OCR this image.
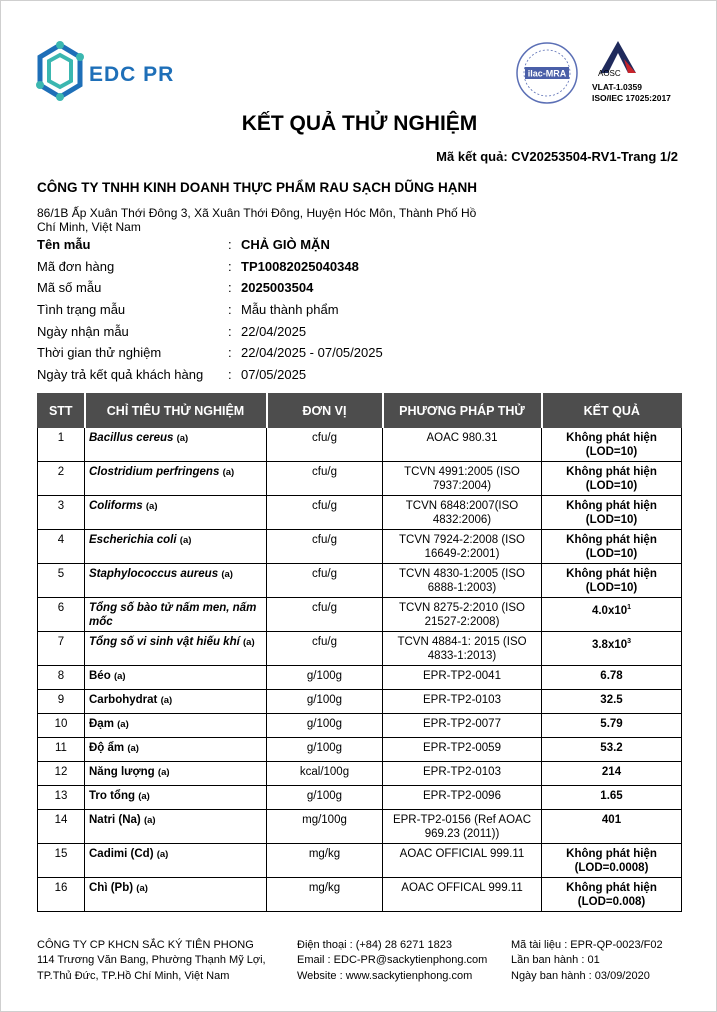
EDC PR	ilac-MRA	AOSC
VLAT-1.0359
ISO/IEC 17025:2017
KẾT QUẢ THỬ NGHIỆM
Mã kết quả: CV20253504-RV1-Trang 1/2
CÔNG TY TNHH KINH DOANH THỰC PHẨM RAU SẠCH DŨNG HẠNH
86/1B Ấp Xuân Thới Đông 3, Xã Xuân Thới Đông, Huyện Hóc Môn, Thành Phố Hồ Chí Minh, Việt Nam
Tên mẫu	: CHẢ GIÒ MẶN
Mã đơn hàng	: TP10082025040348
Mã số mẫu	: 2025003504
Tình trạng mẫu	: Mẫu thành phẩm
Ngày nhận mẫu	: 22/04/2025
Thời gian thử nghiệm	: 22/04/2025 - 07/05/2025
Ngày trả kết quả khách hàng : 07/05/2025
STT	CHỈ TIÊU THỬ NGHIỆM	ĐƠN VỊ	PHƯƠNG PHÁP THỬ	KẾT QUẢ
1	Bacillus cereus (a)	cfu/g	AOAC 980.31	Không phát hiện (LOD=10)
2	Clostridium perfringens (a)	cfu/g	TCVN 4991:2005 (ISO 7937:2004)	Không phát hiện (LOD=10)
3	Coliforms (a)	cfu/g	TCVN 6848:2007(ISO 4832:2006)	Không phát hiện (LOD=10)
4	Escherichia coli (a)	cfu/g	TCVN 7924-2:2008 (ISO 16649-2:2001)	Không phát hiện (LOD=10)
5	Staphylococcus aureus (a)	cfu/g	TCVN 4830-1:2005 (ISO 6888-1:2003)	Không phát hiện (LOD=10)
6	Tổng số bào tử nấm men, nấm mốc	cfu/g	TCVN 8275-2:2010 (ISO 21527-2:2008)	$4.0x10^1$
7	Tổng số vi sinh vật hiếu khí (a)	cfu/g	TCVN 4884-1: 2015 (ISO 4833-1:2013)	$3.8x10^3$
8	Béo (a)	g/100g	EPR-TP2-0041	6.78
9	Carbohydrat (a)	g/100g	EPR-TP2-0103	32.5
10	Đạm (a)	g/100g	EPR-TP2-0077	5.79
11	Độ ẩm (a)	g/100g	EPR-TP2-0059	53.2
12	Năng lượng (a)	kcal/100g	EPR-TP2-0103	214
13	Tro tổng (a)	g/100g	EPR-TP2-0096	1.65
14	Natri (Na) (a)	mg/100g	EPR-TP2-0156 (Ref AOAC 969.23 (2011))	401
15	Cadimi (Cd) (a)	mg/kg	AOAC OFFICIAL 999.11	Không phát hiện (LOD=0.0008)
16	Chì (Pb) (a)	mg/kg	AOAC OFFICAL 999.11	Không phát hiện (LOD=0.008)
CÔNG TY CP KHCN SẮC KÝ TIÊN PHONG
114 Trương Văn Bang, Phường Thạnh Mỹ Lợi,
TP.Thủ Đức, TP.Hồ Chí Minh, Việt Nam
Điện thoại : (+84) 28 6271 1823
Email : EDC-PR@sackytienphong.com
Website : www.sackytienphong.com
Mã tài liệu : EPR-QP-0023/F02
Lần ban hành : 01
Ngày ban hành : 03/09/2020
